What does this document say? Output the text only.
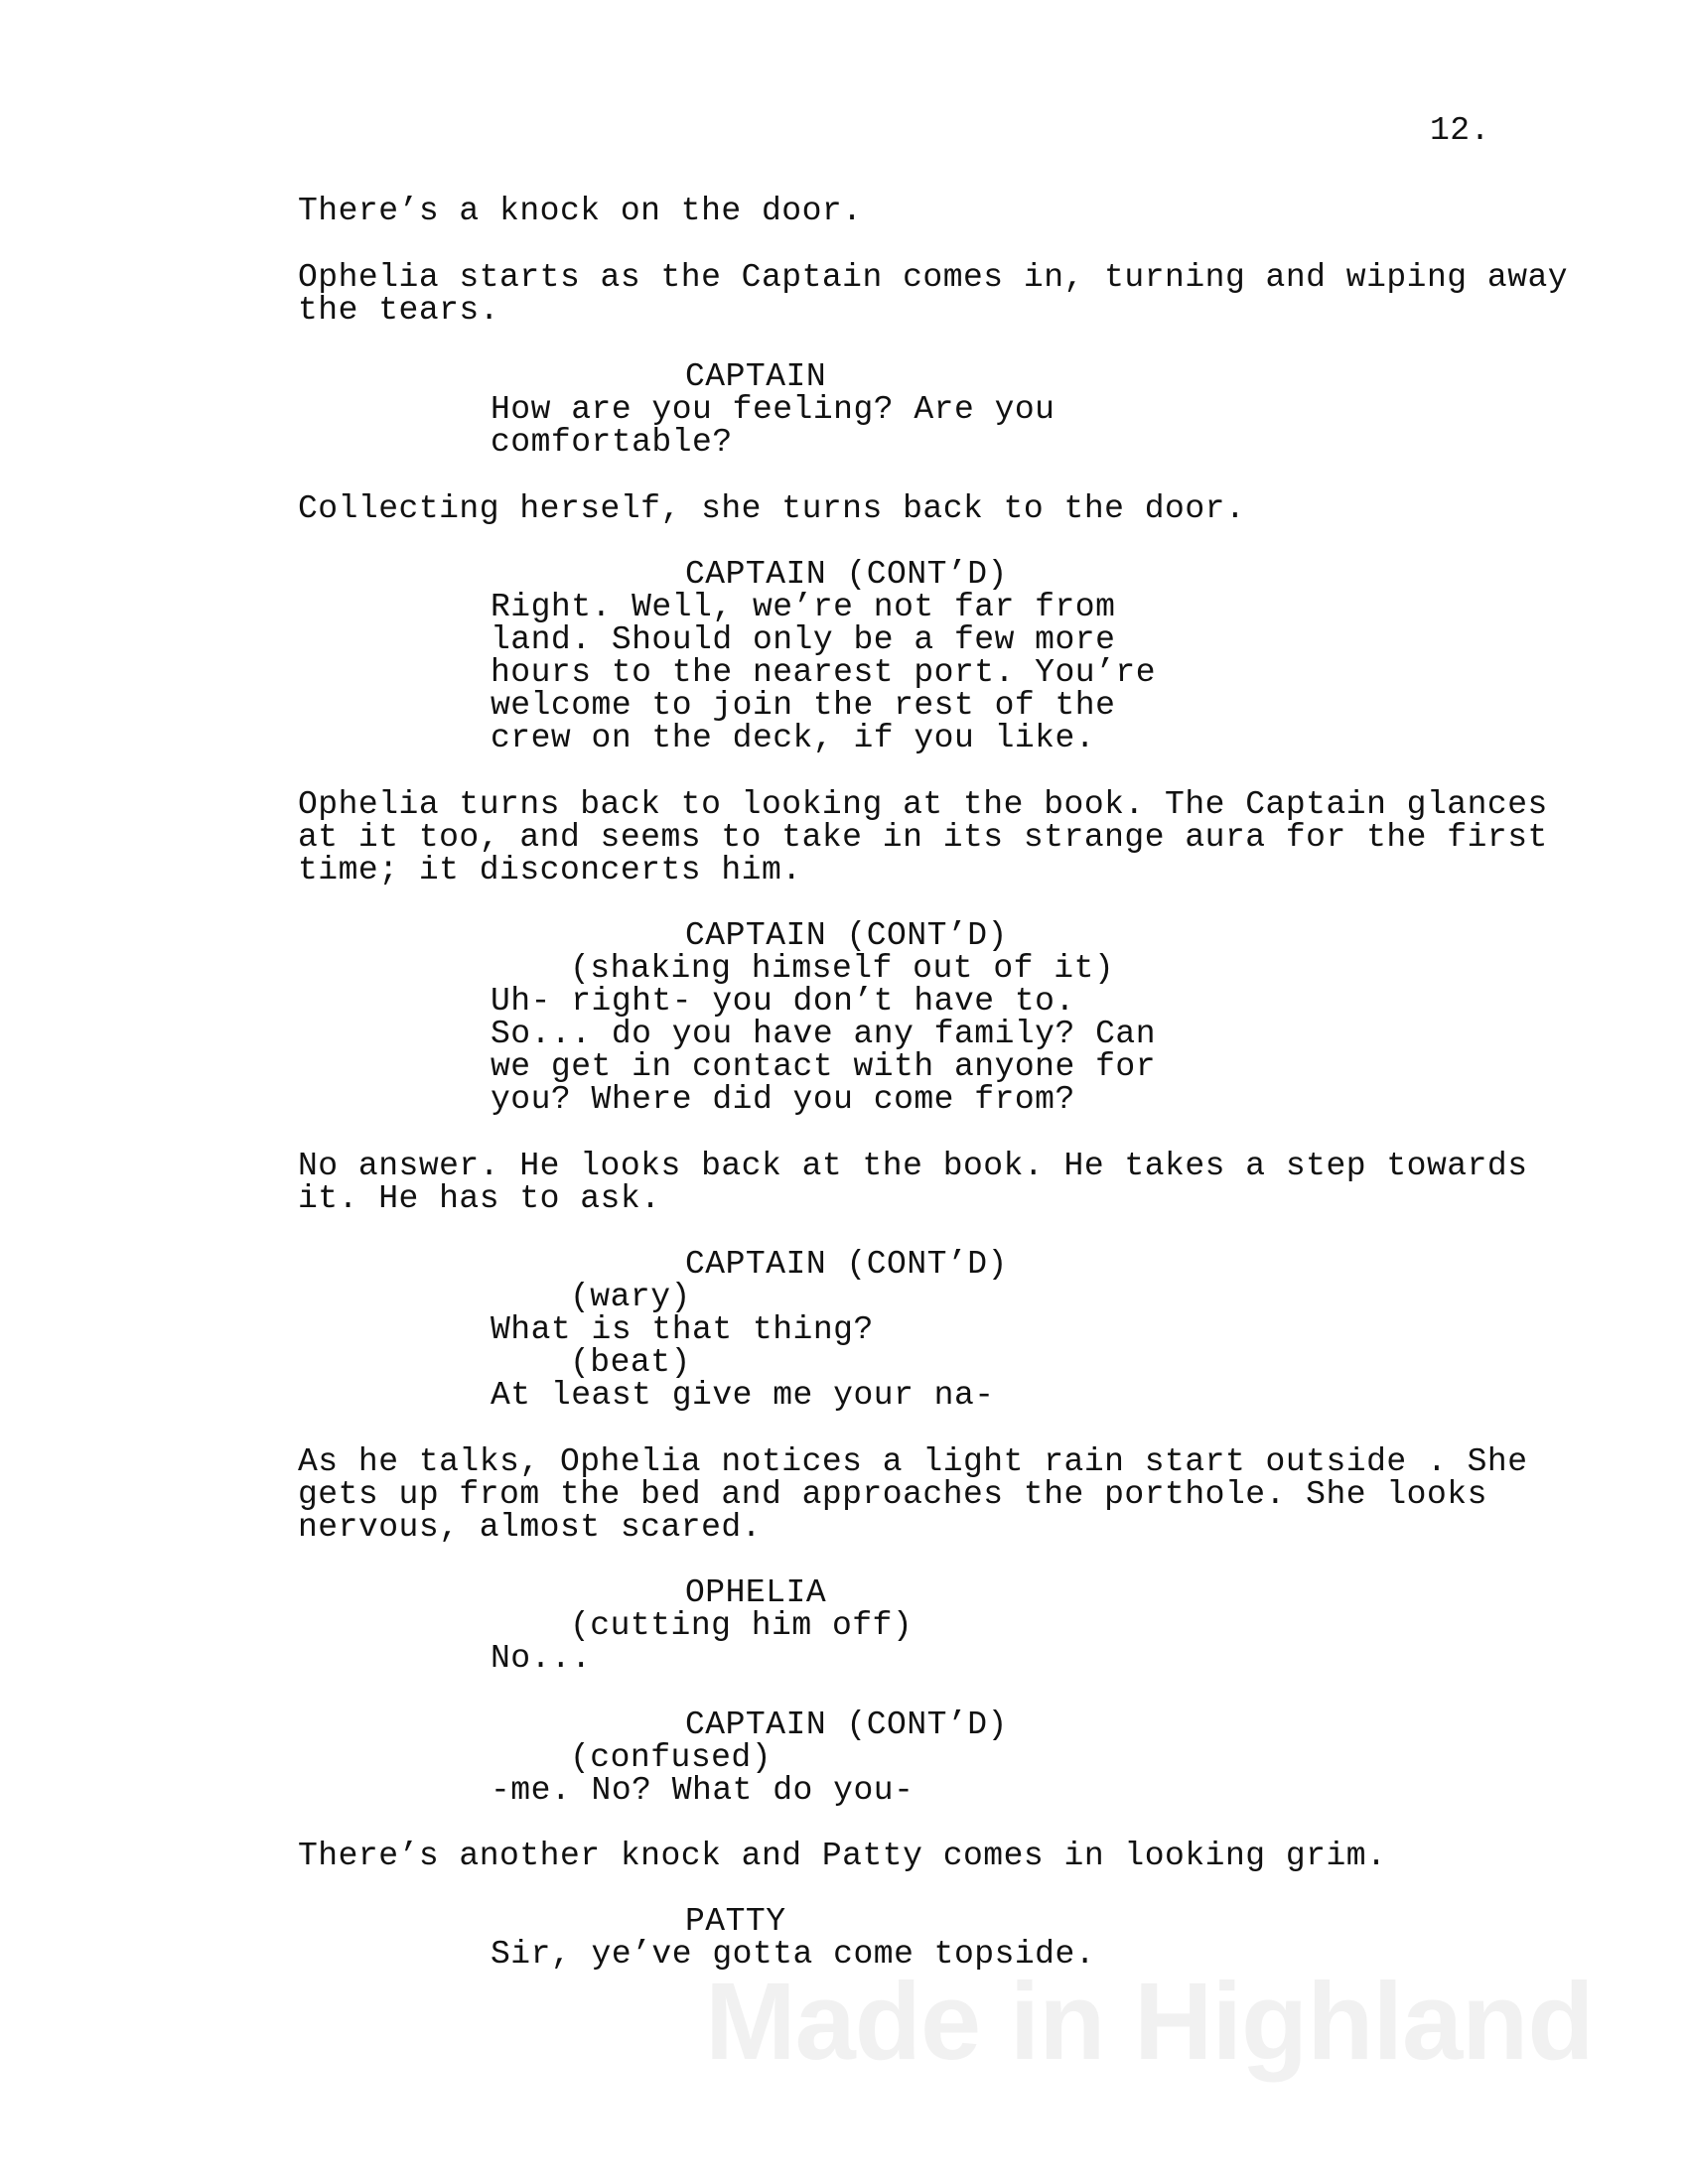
12.
There’s a knock on the door.
Ophelia starts as the Captain comes in, turning and wiping away
the tears.
CAPTAIN
How are you feeling? Are you
comfortable?
Collecting herself, she turns back to the door.
CAPTAIN (CONT’D)
Right. Well, we’re not far from
land. Should only be a few more
hours to the nearest port. You’re
welcome to join the rest of the
crew on the deck, if you like.
Ophelia turns back to looking at the book. The Captain glances
at it too, and seems to take in its strange aura for the first
time; it disconcerts him.
CAPTAIN (CONT’D)
(shaking himself out of it)
Uh- right- you don’t have to.
So... do you have any family? Can
we get in contact with anyone for
you? Where did you come from?
No answer. He looks back at the book. He takes a step towards
it. He has to ask.
CAPTAIN (CONT’D)
(wary)
What is that thing?
(beat)
At least give me your na-
As he talks, Ophelia notices a light rain start outside . She
gets up from the bed and approaches the porthole. She looks
nervous, almost scared.
OPHELIA
(cutting him off)
No...
CAPTAIN (CONT’D)
(confused)
-me. No? What do you-
There’s another knock and Patty comes in looking grim.
PATTY
Sir, ye’ve gotta come topside.
Made in Highland
